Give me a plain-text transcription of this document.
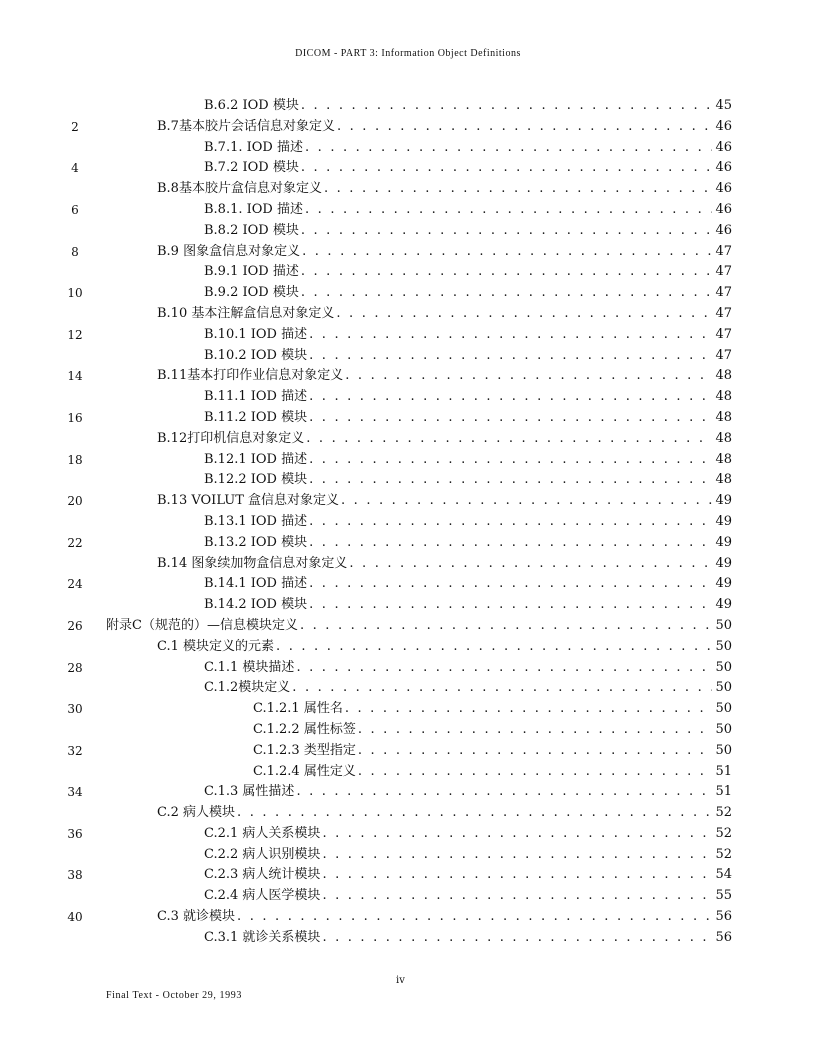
DICOM - PART 3: Information Object Definitions
B.6.2 IOD 模块 . . .	45
2	B.7基本胶片会话信息对象定义 . . .	46
B.7.1. IOD 描述 . . .	46
4	B.7.2 IOD 模块 . . .	46
B.8基本胶片盒信息对象定义 . . .	46
6	B.8.1. IOD 描述 . . .	46
B.8.2 IOD 模块 . . .	46
8	B.9 图象盒信息对象定义 . . .	47
B.9.1 IOD 描述 . . .	47
10	B.9.2 IOD 模块 . . .	47
B.10 基本注解盒信息对象定义 . . .	47
12	B.10.1 IOD 描述 . . .	47
B.10.2 IOD 模块 . . .	47
14	B.11基本打印作业信息对象定义 . . .	48
B.11.1 IOD 描述 . . .	48
16	B.11.2 IOD 模块 . . .	48
B.12打印机信息对象定义 . . .	48
18	B.12.1 IOD 描述 . . .	48
B.12.2 IOD 模块 . . .	48
20	B.13 VOILUT 盒信息对象定义 . . .	49
B.13.1 IOD 描述 . . .	49
22	B.13.2 IOD 模块 . . .	49
B.14 图象续加物盒信息对象定义 . . .	49
24	B.14.1 IOD 描述 . . .	49
B.14.2 IOD 模块 . . .	49
26	附录C（规范的）—信息模块定义 . . .	50
C.1 模块定义的元素 . . .	50
28	C.1.1 模块描述 . . .	50
C.1.2模块定义 . . .	50
30	C.1.2.1 属性名 . . .	50
C.1.2.2 属性标签 . . .	50
32	C.1.2.3 类型指定 . . .	50
C.1.2.4 属性定义 . . .	51
34	C.1.3 属性描述 . . .	51
C.2 病人模块 . . .	52
36	C.2.1 病人关系模块 . . .	52
C.2.2 病人识别模块 . . .	52
38	C.2.3 病人统计模块 . . .	54
C.2.4 病人医学模块 . . .	55
40	C.3 就诊模块 . . .	56
C.3.1 就诊关系模块 . . .	56
iv
Final Text - October 29, 1993
